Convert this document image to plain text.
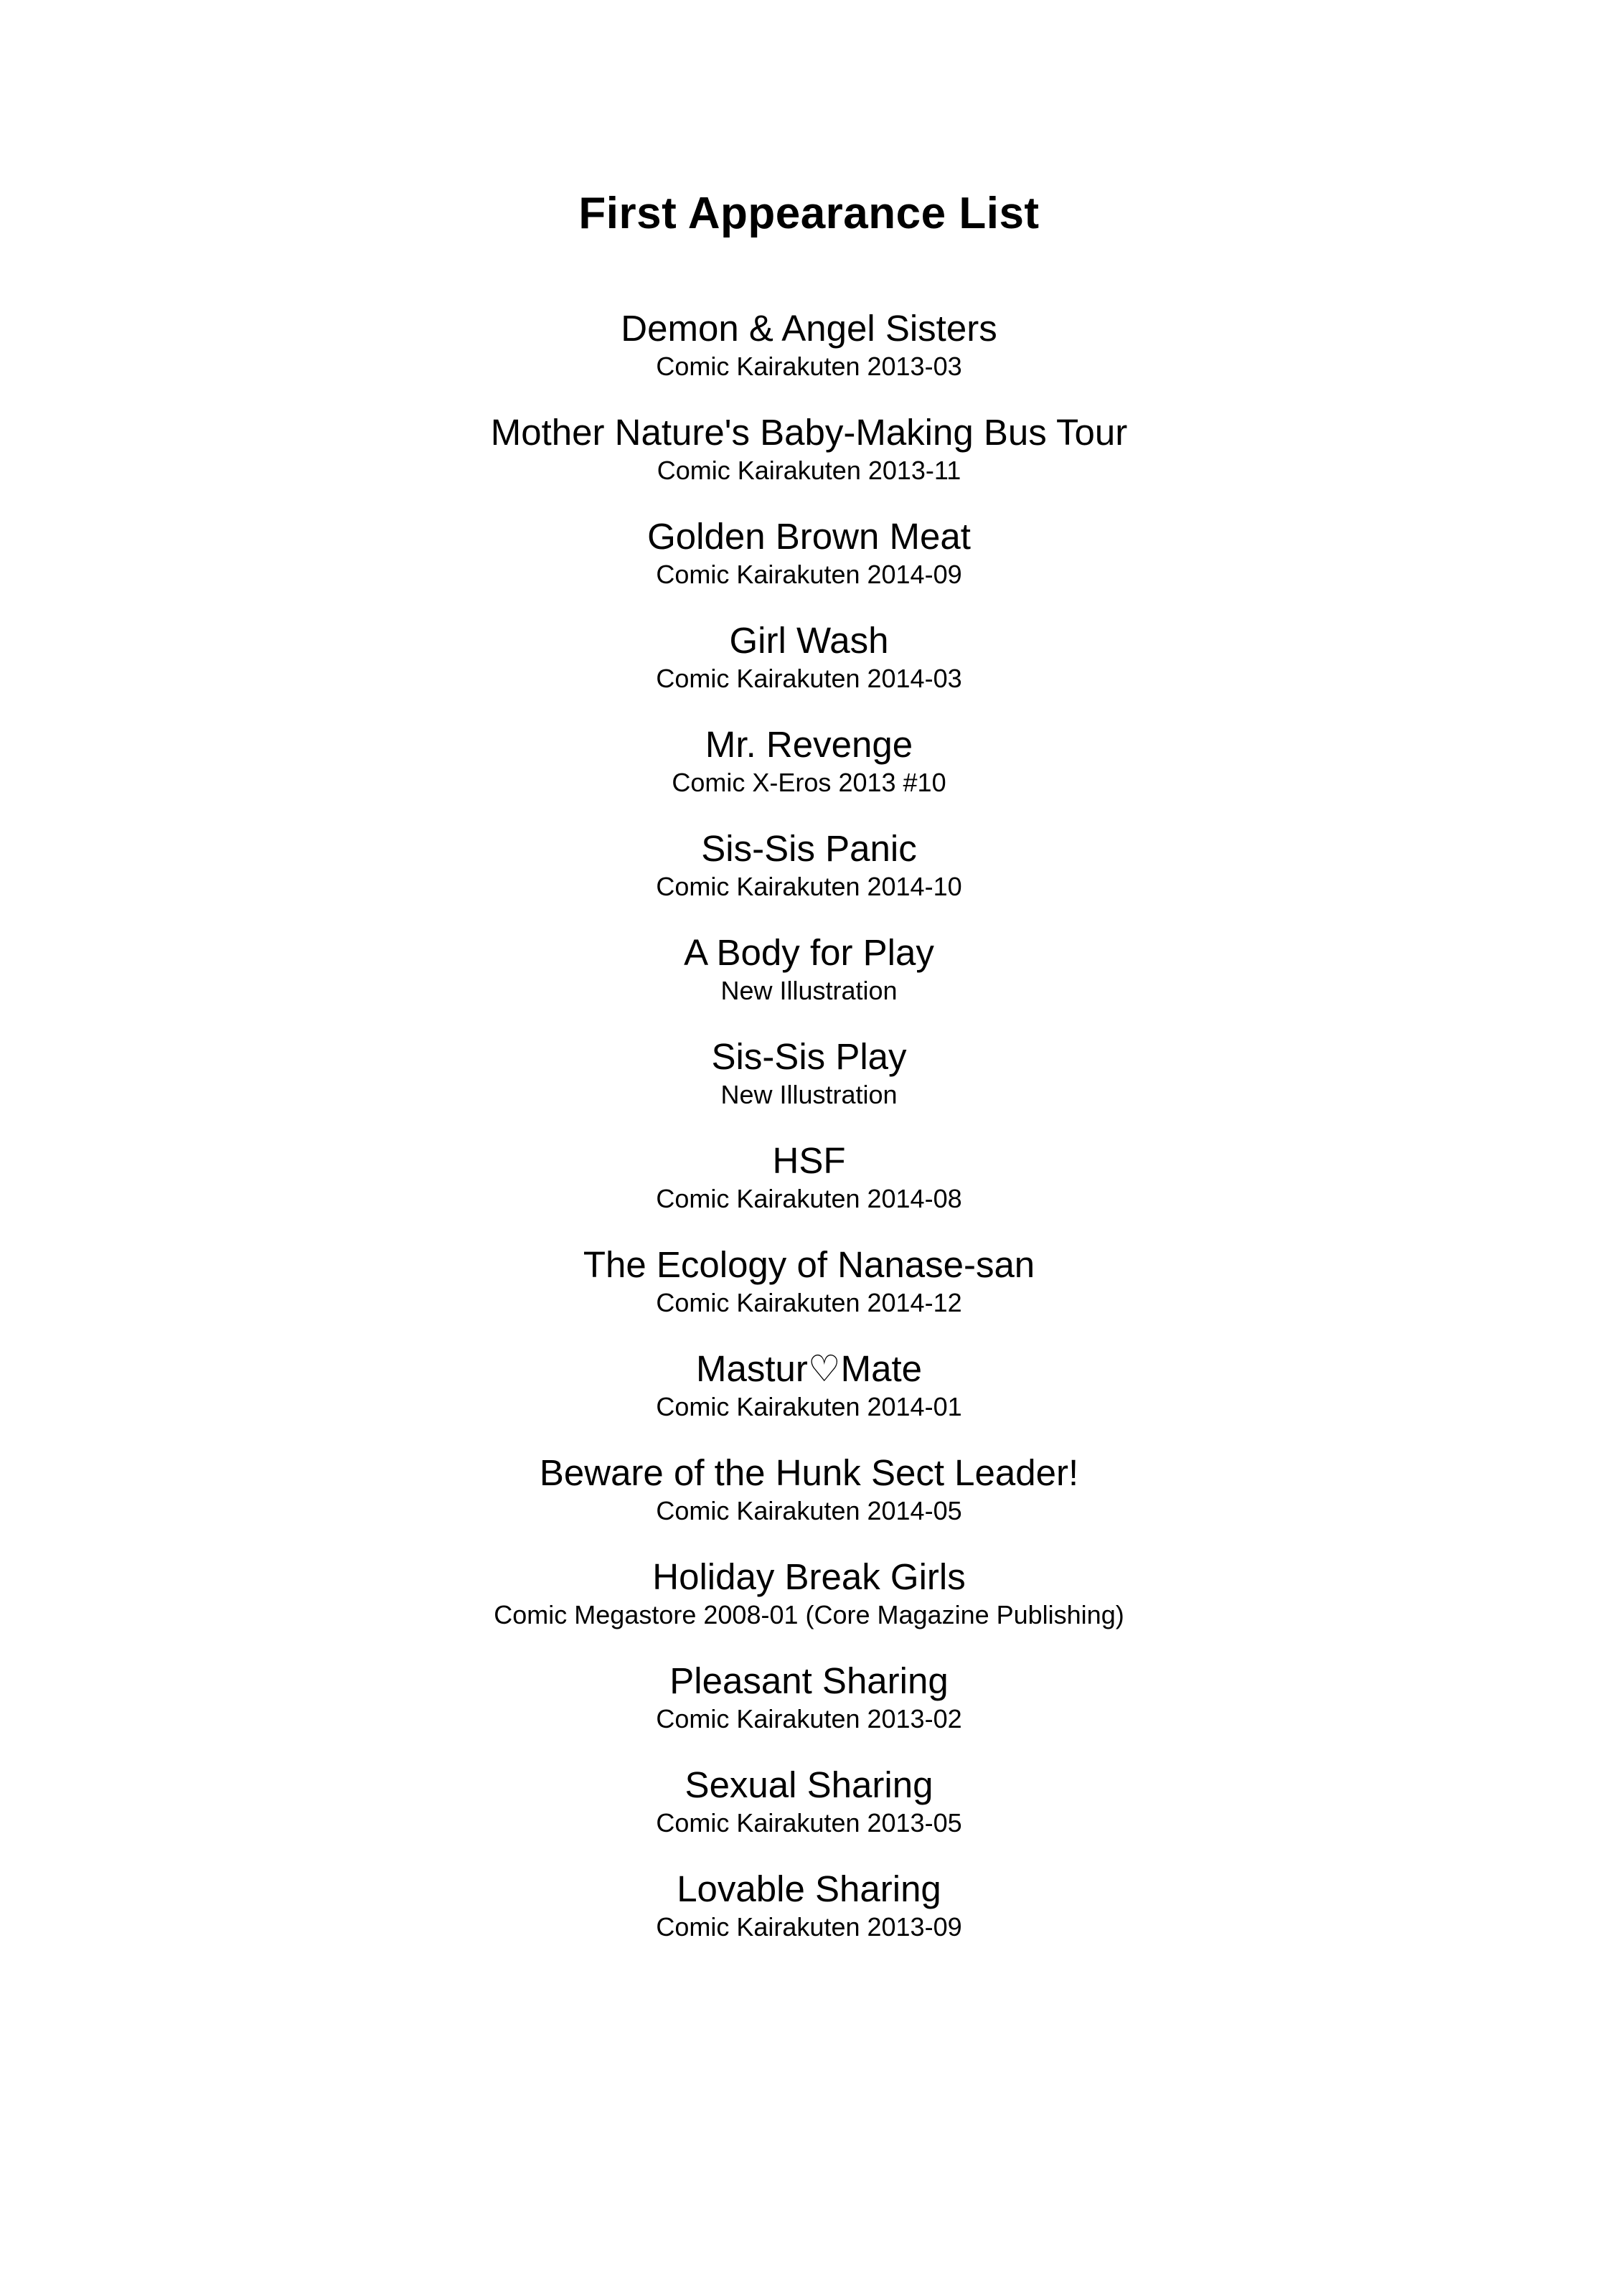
First Appearance List
Demon & Angel Sisters
Comic Kairakuten 2013-03
Mother Nature's Baby-Making Bus Tour
Comic Kairakuten 2013-11
Golden Brown Meat
Comic Kairakuten 2014-09
Girl Wash
Comic Kairakuten 2014-03
Mr. Revenge
Comic X-Eros 2013 #10
Sis-Sis Panic
Comic Kairakuten 2014-10
A Body for Play
New Illustration
Sis-Sis Play
New Illustration
HSF
Comic Kairakuten 2014-08
The Ecology of Nanase-san
Comic Kairakuten 2014-12
Mastur♡Mate
Comic Kairakuten 2014-01
Beware of the Hunk Sect Leader!
Comic Kairakuten 2014-05
Holiday Break Girls
Comic Megastore 2008-01 (Core Magazine Publishing)
Pleasant Sharing
Comic Kairakuten 2013-02
Sexual Sharing
Comic Kairakuten 2013-05
Lovable Sharing
Comic Kairakuten 2013-09
